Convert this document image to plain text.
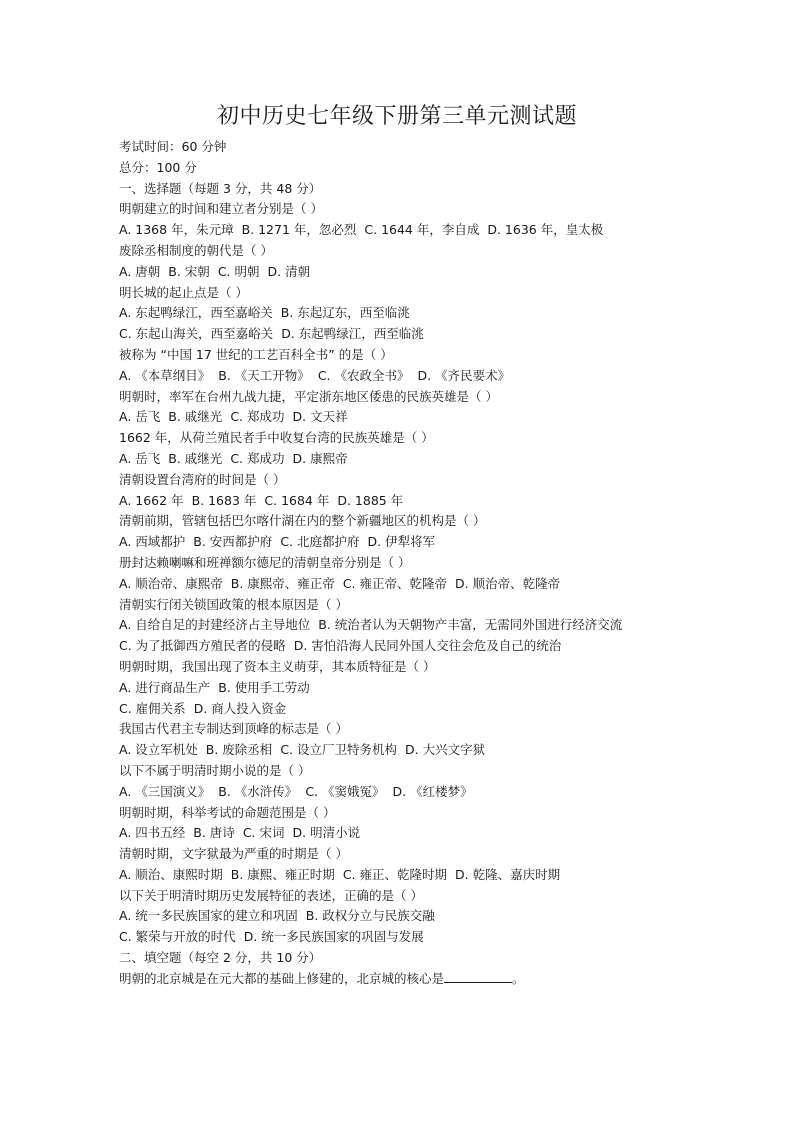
初中历史七年级下册第三单元测试题
考试时间：60 分钟
总分：100 分
一、选择题（每题 3 分，共 48 分）
明朝建立的时间和建立者分别是（ ）
A. 1368 年，朱元璋 B. 1271 年，忽必烈 C. 1644 年，李自成 D. 1636 年，皇太极
废除丞相制度的朝代是（ ）
A. 唐朝 B. 宋朝 C. 明朝 D. 清朝
明长城的起止点是（ ）
A. 东起鸭绿江，西至嘉峪关 B. 东起辽东，西至临洮
C. 东起山海关，西至嘉峪关 D. 东起鸭绿江，西至临洮
被称为 “中国 17 世纪的工艺百科全书” 的是（ ）
A. 《本草纲目》 B. 《天工开物》 C. 《农政全书》 D. 《齐民要术》
明朝时，率军在台州九战九捷，平定浙东地区倭患的民族英雄是（ ）
A. 岳飞 B. 戚继光 C. 郑成功 D. 文天祥
1662 年，从荷兰殖民者手中收复台湾的民族英雄是（ ）
A. 岳飞 B. 戚继光 C. 郑成功 D. 康熙帝
清朝设置台湾府的时间是（ ）
A. 1662 年 B. 1683 年 C. 1684 年 D. 1885 年
清朝前期，管辖包括巴尔喀什湖在内的整个新疆地区的机构是（ ）
A. 西域都护 B. 安西都护府 C. 北庭都护府 D. 伊犁将军
册封达赖喇嘛和班禅额尔德尼的清朝皇帝分别是（ ）
A. 顺治帝、康熙帝 B. 康熙帝、雍正帝 C. 雍正帝、乾隆帝 D. 顺治帝、乾隆帝
清朝实行闭关锁国政策的根本原因是（ ）
A. 自给自足的封建经济占主导地位 B. 统治者认为天朝物产丰富，无需同外国进行经济交流
C. 为了抵御西方殖民者的侵略 D. 害怕沿海人民同外国人交往会危及自己的统治
明朝时期，我国出现了资本主义萌芽，其本质特征是（ ）
A. 进行商品生产 B. 使用手工劳动
C. 雇佣关系 D. 商人投入资金
我国古代君主专制达到顶峰的标志是（ ）
A. 设立军机处 B. 废除丞相 C. 设立厂卫特务机构 D. 大兴文字狱
以下不属于明清时期小说的是（ ）
A. 《三国演义》 B. 《水浒传》 C. 《窦娥冤》 D. 《红楼梦》
明朝时期，科举考试的命题范围是（ ）
A. 四书五经 B. 唐诗 C. 宋词 D. 明清小说
清朝时期，文字狱最为严重的时期是（ ）
A. 顺治、康熙时期 B. 康熙、雍正时期 C. 雍正、乾隆时期 D. 乾隆、嘉庆时期
以下关于明清时期历史发展特征的表述，正确的是（ ）
A. 统一多民族国家的建立和巩固 B. 政权分立与民族交融
C. 繁荣与开放的时代 D. 统一多民族国家的巩固与发展
二、填空题（每空 2 分，共 10 分）
明朝的北京城是在元大都的基础上修建的，北京城的核心是	。
